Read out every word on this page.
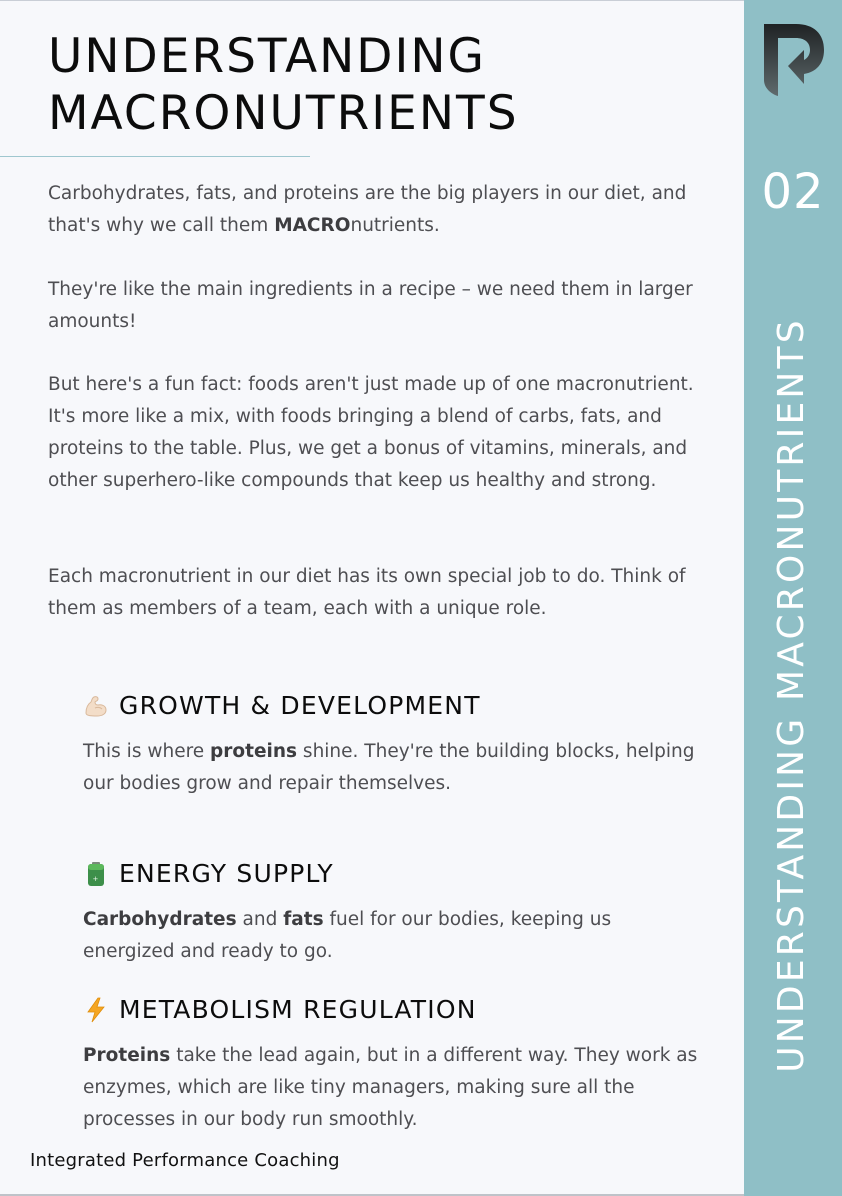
UNDERSTANDING
MACRONUTRIENTS

Carbohydrates, fats, and proteins are the big players in our diet, and that's why we call them MACROnutrients.

They're like the main ingredients in a recipe – we need them in larger amounts!

But here's a fun fact: foods aren't just made up of one macronutrient. It's more like a mix, with foods bringing a blend of carbs, fats, and proteins to the table. Plus, we get a bonus of vitamins, minerals, and other superhero-like compounds that keep us healthy and strong.

Each macronutrient in our diet has its own special job to do. Think of them as members of a team, each with a unique role.

GROWTH & DEVELOPMENT

This is where proteins shine. They're the building blocks, helping our bodies grow and repair themselves.

+ ENERGY SUPPLY

Carbohydrates and fats fuel for our bodies, keeping us energized and ready to go.

METABOLISM REGULATION

Proteins take the lead again, but in a different way. They work as enzymes, which are like tiny managers, making sure all the processes in our body run smoothly.

Integrated Performance Coaching
02
UNDERSTANDING MACRONUTRIENTS
